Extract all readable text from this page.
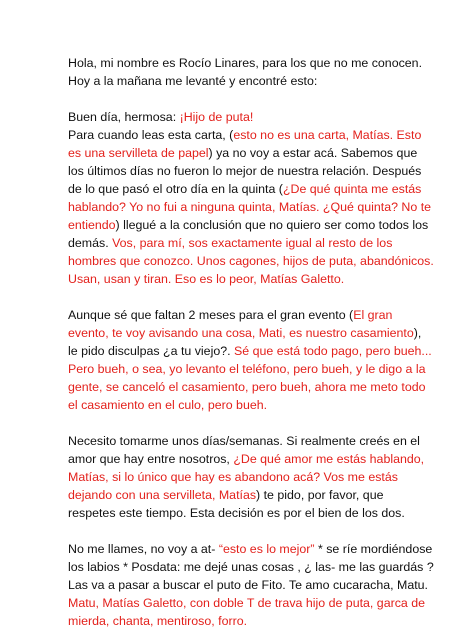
Hola, mi nombre es Rocío Linares, para los que no me conocen. Hoy a la mañana me levanté y encontré esto:

Buen día, hermosa: ¡Hijo de puta!
Para cuando leas esta carta, (esto no es una carta, Matías. Esto es una servilleta de papel) ya no voy a estar acá. Sabemos que los últimos días no fueron lo mejor de nuestra relación. Después de lo que pasó el otro día en la quinta (¿De qué quinta me estás hablando? Yo no fui a ninguna quinta, Matías. ¿Qué quinta? No te entiendo) llegué a la conclusión que no quiero ser como todos los demás. Vos, para mí, sos exactamente igual al resto de los hombres que conozco. Unos cagones, hijos de puta, abandónicos. Usan, usan y tiran. Eso es lo peor, Matías Galetto.

Aunque sé que faltan 2 meses para el gran evento (El gran evento, te voy avisando una cosa, Mati, es nuestro casamiento), le pido disculpas ¿a tu viejo?. Sé que está todo pago, pero bueh... Pero bueh, o sea, yo levanto el teléfono, pero bueh, y le digo a la gente, se canceló el casamiento, pero bueh, ahora me meto todo el casamiento en el culo, pero bueh.

Necesito tomarme unos días/semanas. Si realmente creés en el amor que hay entre nosotros, ¿De qué amor me estás hablando, Matías, si lo único que hay es abandono acá? Vos me estás dejando con una servilleta, Matías) te pido, por favor, que respetes este tiempo. Esta decisión es por el bien de los dos.

No me llames, no voy a at- “esto es lo mejor” * se ríe mordiéndose los labios * Posdata: me dejé unas cosas , ¿ las- me las guardás ? Las va a pasar a buscar el puto de Fito. Te amo cucaracha, Matu. Matu, Matías Galetto, con doble T de trava hijo de puta, garca de mierda, chanta, mentiroso, forro.
